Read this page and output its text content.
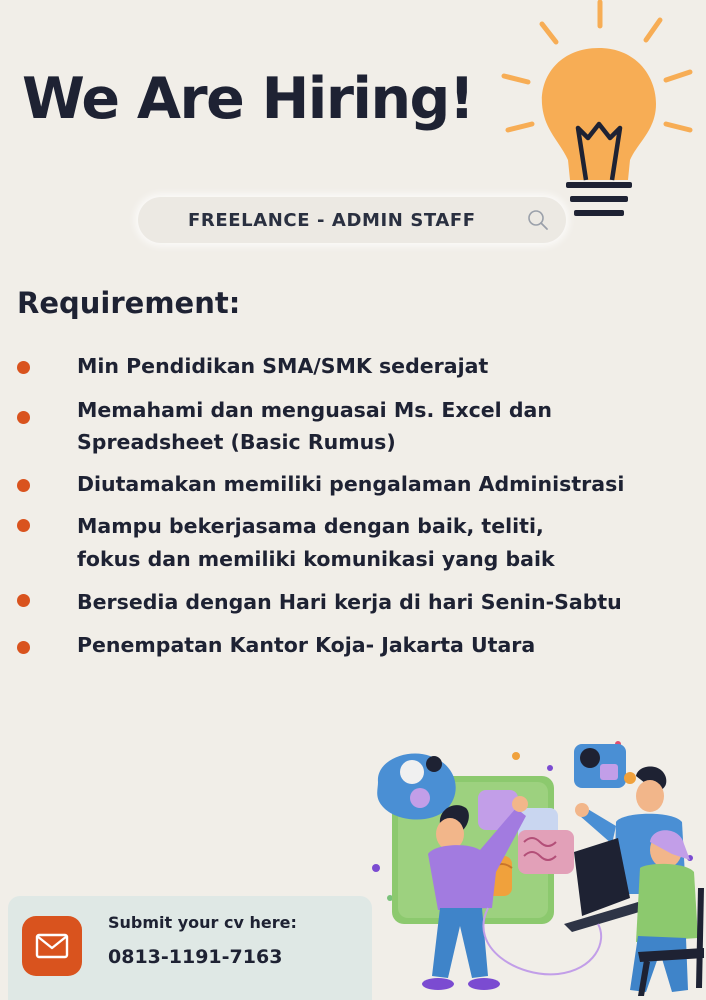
We Are Hiring!
FREELANCE - ADMIN STAFF
Requirement:
Min Pendidikan SMA/SMK sederajat
Memahami dan menguasai Ms. Excel dan
Spreadsheet (Basic Rumus)
Diutamakan memiliki pengalaman Administrasi
Mampu bekerjasama dengan baik, teliti,
fokus dan memiliki komunikasi yang baik
Bersedia dengan Hari kerja di hari Senin-Sabtu
Penempatan Kantor Koja- Jakarta Utara
Submit your cv here:
0813-1191-7163
